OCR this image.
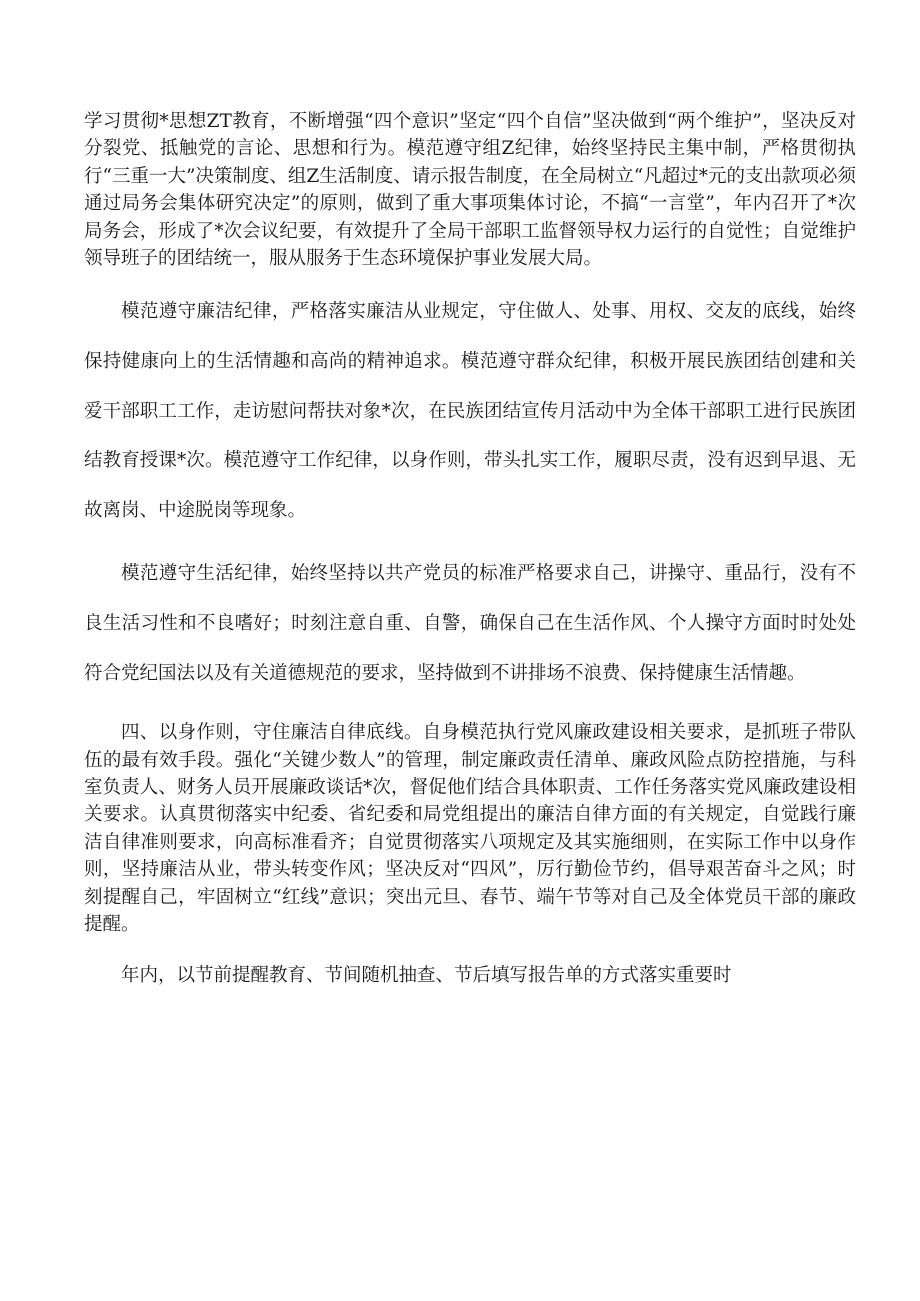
学习贯彻*思想ZT教育，不断增强“四个意识”坚定“四个自信”坚决做到“两个维护”，坚决反对分裂党、抵触党的言论、思想和行为。模范遵守组Z纪律，始终坚持民主集中制，严格贯彻执行“三重一大”决策制度、组Z生活制度、请示报告制度，在全局树立“凡超过*元的支出款项必须通过局务会集体研究决定”的原则，做到了重大事项集体讨论，不搞“一言堂”，年内召开了*次局务会，形成了*次会议纪要，有效提升了全局干部职工监督领导权力运行的自觉性；自觉维护领导班子的团结统一，服从服务于生态环境保护事业发展大局。

模范遵守廉洁纪律，严格落实廉洁从业规定，守住做人、处事、用权、交友的底线，始终保持健康向上的生活情趣和高尚的精神追求。模范遵守群众纪律，积极开展民族团结创建和关爱干部职工工作，走访慰问帮扶对象*次，在民族团结宣传月活动中为全体干部职工进行民族团结教育授课*次。模范遵守工作纪律，以身作则，带头扎实工作，履职尽责，没有迟到早退、无故离岗、中途脱岗等现象。

模范遵守生活纪律，始终坚持以共产党员的标准严格要求自己，讲操守、重品行，没有不良生活习性和不良嗜好；时刻注意自重、自警，确保自己在生活作风、个人操守方面时时处处符合党纪国法以及有关道德规范的要求，坚持做到不讲排场不浪费、保持健康生活情趣。

四、以身作则，守住廉洁自律底线。自身模范执行党风廉政建设相关要求，是抓班子带队伍的最有效手段。强化“关键少数人”的管理，制定廉政责任清单、廉政风险点防控措施，与科室负责人、财务人员开展廉政谈话*次，督促他们结合具体职责、工作任务落实党风廉政建设相关要求。认真贯彻落实中纪委、省纪委和局党组提出的廉洁自律方面的有关规定，自觉践行廉洁自律准则要求，向高标准看齐；自觉贯彻落实八项规定及其实施细则，在实际工作中以身作则，坚持廉洁从业，带头转变作风；坚决反对“四风”，厉行勤俭节约，倡导艰苦奋斗之风；时刻提醒自己，牢固树立“红线”意识；突出元旦、春节、端午节等对自己及全体党员干部的廉政提醒。

年内，以节前提醒教育、节间随机抽查、节后填写报告单的方式落实重要时
